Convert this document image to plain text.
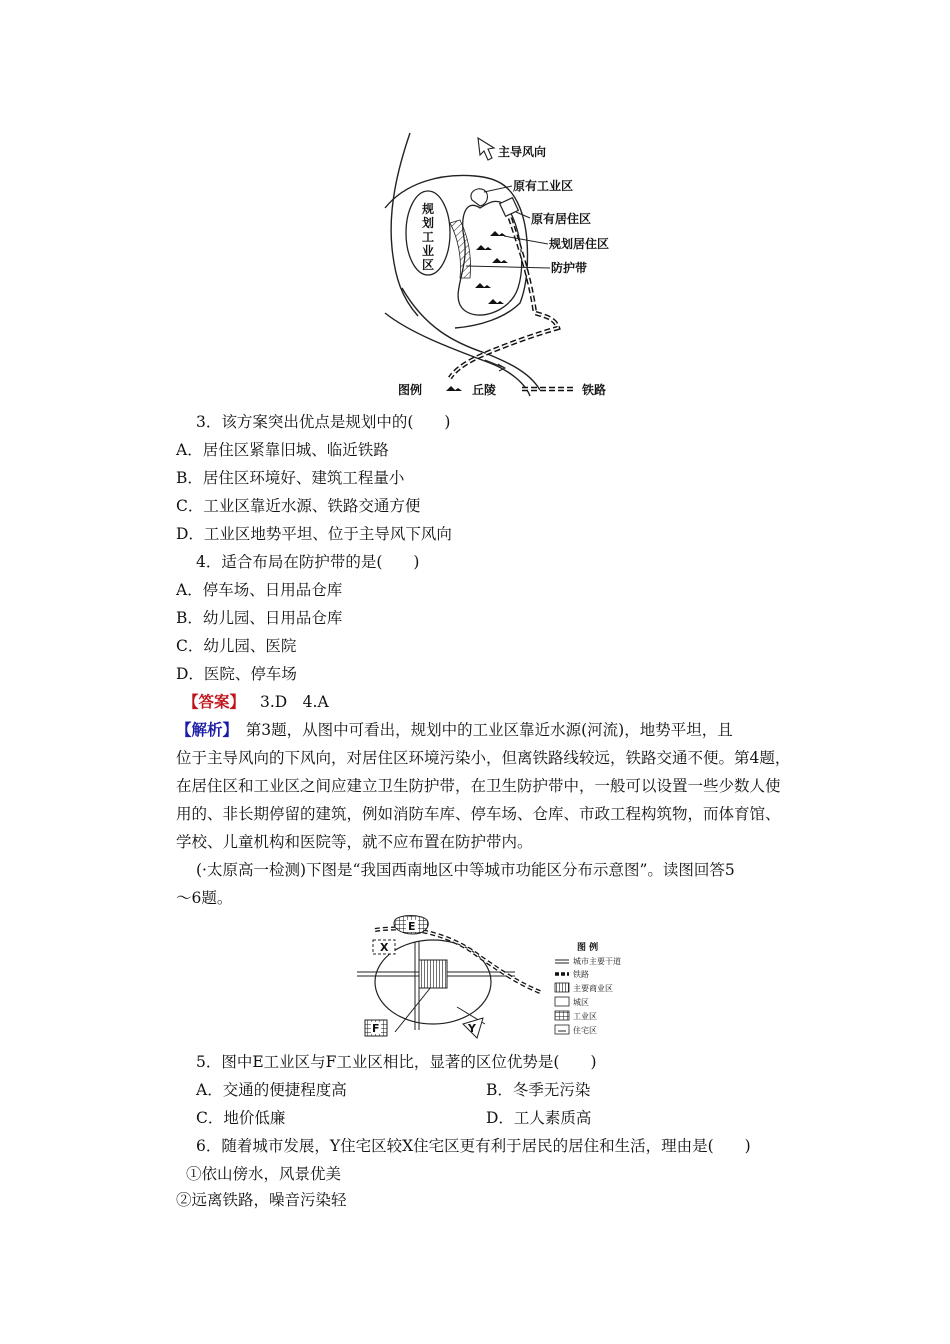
规
划
工
业
区
主导风向
原有工业区
原有居住区
规划居住区
防护带
图例	丘陵	铁路
3．该方案突出优点是规划中的(　　)
A．居住区紧靠旧城、临近铁路
B．居住区环境好、建筑工程量小
C．工业区靠近水源、铁路交通方便
D．工业区地势平坦、位于主导风下风向
4．适合布局在防护带的是(　　)
A．停车场、日用品仓库
B．幼儿园、日用品仓库
C．幼儿园、医院
D．医院、停车场
【答案】 3.D　4.A
【解析】　第3题，从图中可看出，规划中的工业区靠近水源(河流)，地势平坦，且
位于主导风向的下风向，对居住区环境污染小，但离铁路线较远，铁路交通不便。第4题，
在居住区和工业区之间应建立卫生防护带，在卫生防护带中，一般可以设置一些少数人使
用的、非长期停留的建筑，例如消防车库、停车场、仓库、市政工程构筑物，而体育馆、
学校、儿童机构和医院等，就不应布置在防护带内。
(·太原高一检测)下图是“我国西南地区中等城市功能区分布示意图”。读图回答5
～6题。
E
X
F	Y
图 例
城市主要干道
铁路
主要商业区
城区
工业区
住宅区
5．图中E工业区与F工业区相比，显著的区位优势是(　　)
A．交通的便捷程度高	B．冬季无污染
C．地价低廉	D．工人素质高
6．随着城市发展，Y住宅区较X住宅区更有利于居民的居住和生活，理由是(　　)
①依山傍水，风景优美
②远离铁路，噪音污染轻
